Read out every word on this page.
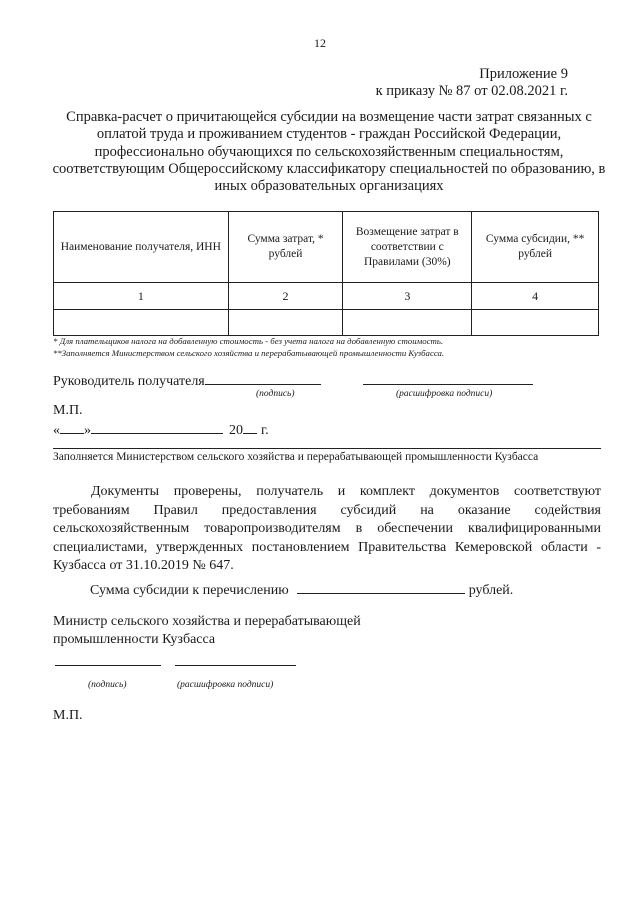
12
Приложение 9
к приказу № 87 от 02.08.2021 г.
Справка-расчет о причитающейся субсидии на возмещение части затрат связанных с оплатой труда и проживанием студентов - граждан Российской Федерации, профессионально обучающихся по сельскохозяйственным специальностям, соответствующим Общероссийскому классификатору специальностей по образованию, в иных образовательных организациях
Наименование получателя, ИНН	Сумма затрат, * рублей	Возмещение затрат в соответствии с Правилами (30%)	Сумма субсидии, ** рублей
1	2	3	4

* Для плательщиков налога на добавленную стоимость - без учета налога на добавленную стоимость.
**Заполняется Министерством сельского хозяйства и перерабатывающей промышленности Кузбасса.
Руководитель получателя
(подпись)	(расшифровка подписи)
М.П.
« »	20 г.
Заполняется Министерством сельского хозяйства и перерабатывающей промышленности Кузбасса
Документы проверены, получатель и комплект документов соответствуют требованиям Правил предоставления субсидий на оказание содействия сельскохозяйственным товаропроизводителям в обеспечении квалифицированными специалистами, утвержденных постановлением Правительства Кемеровской области - Кузбасса от 31.10.2019 № 647.
Сумма субсидии к перечислению	рублей.
Министр сельского хозяйства и перерабатывающей
промышленности Кузбасса
(подпись)	(расшифровка подписи)
М.П.
